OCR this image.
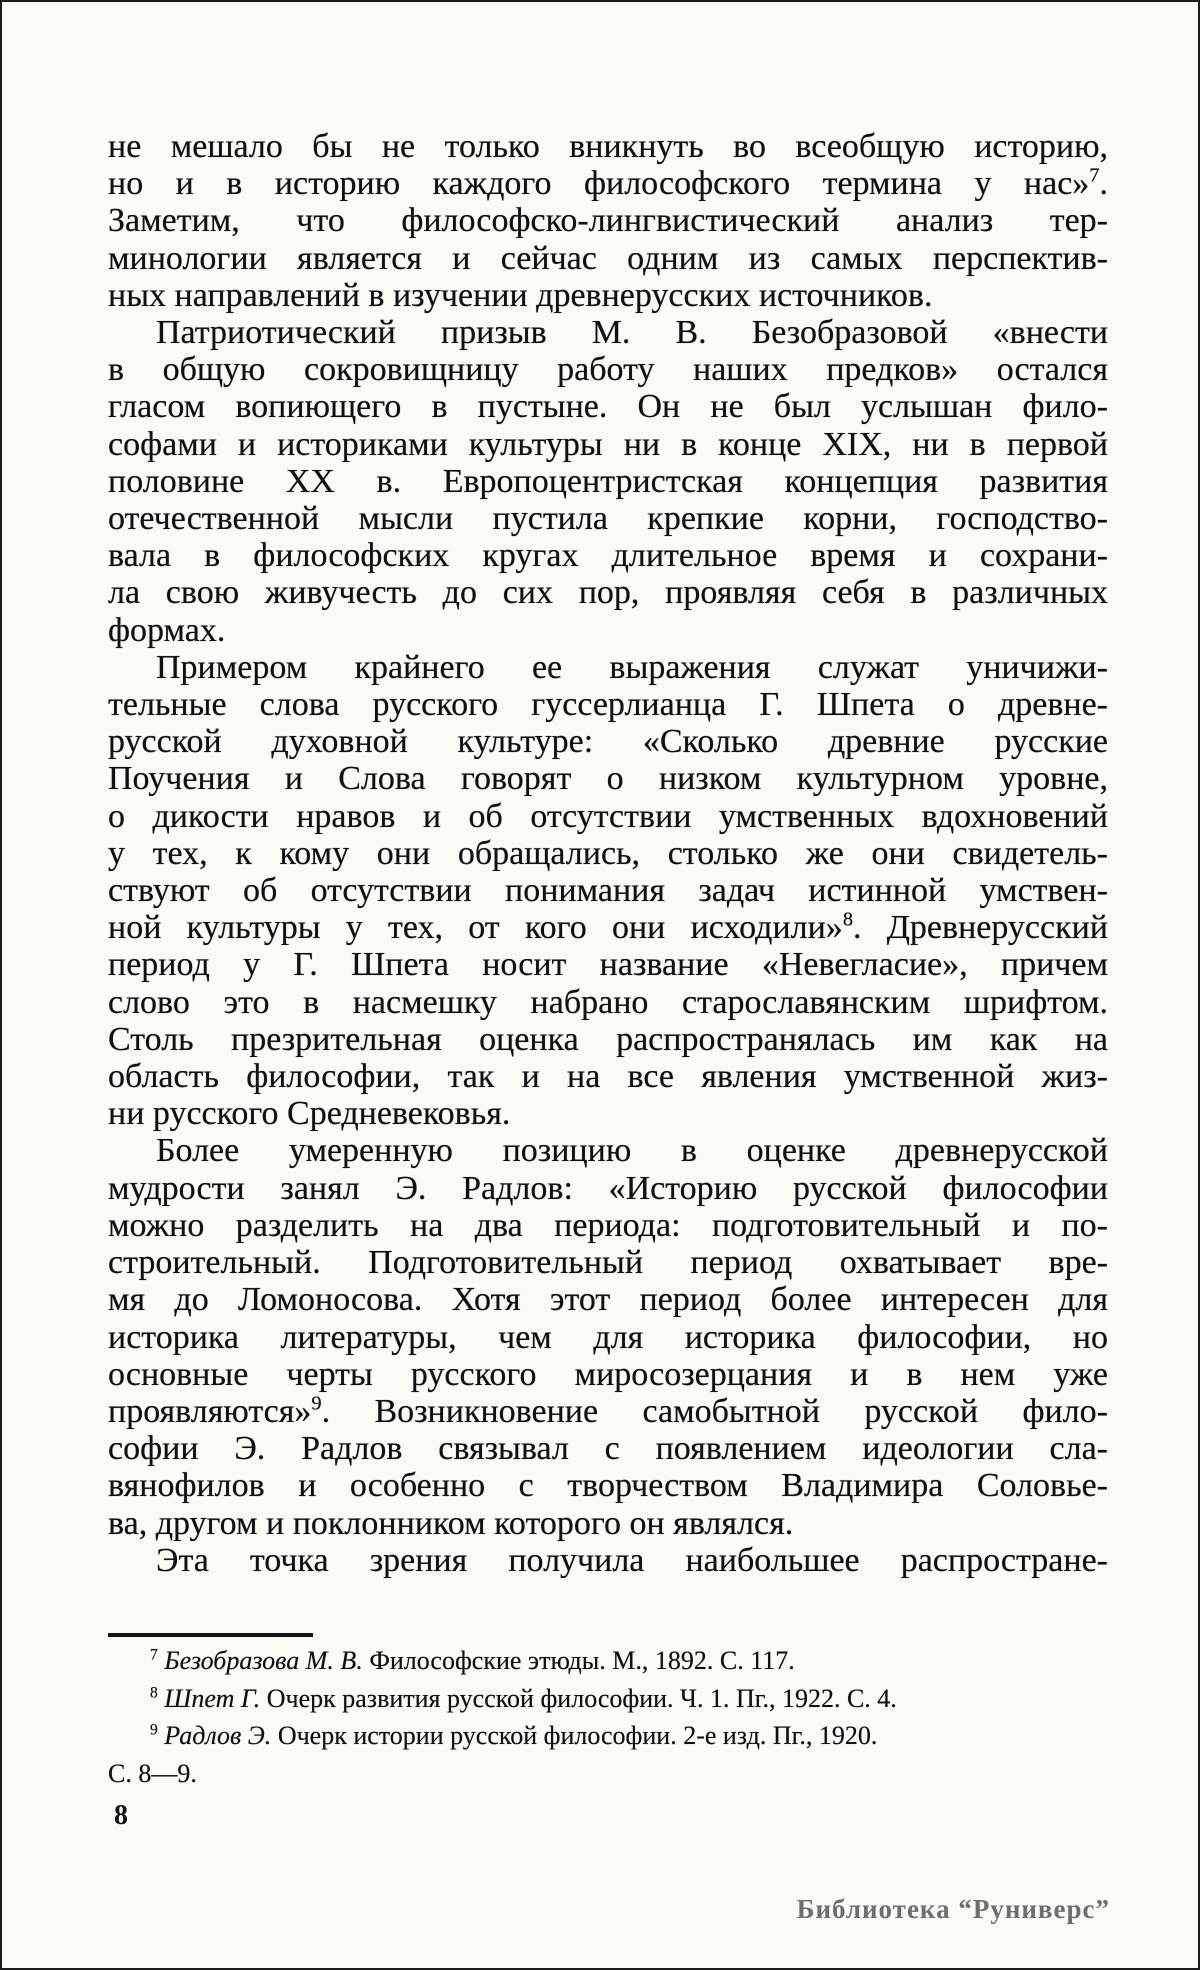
не мешало бы не только вникнуть во всеобщую историю,
но и в историю каждого философского термина у нас»$^7$.
Заметим, что философско-лингвистический анализ тер-
минологии является и сейчас одним из самых перспектив-
ных направлений в изучении древнерусских источников.
Патриотический призыв М. В. Безобразовой «внести
в общую сокровищницу работу наших предков» остался
гласом вопиющего в пустыне. Он не был услышан фило-
софами и историками культуры ни в конце XIX, ни в первой
половине XX в. Европоцентристская концепция развития
отечественной мысли пустила крепкие корни, господство-
вала в философских кругах длительное время и сохрани-
ла свою живучесть до сих пор, проявляя себя в различных
формах.
Примером крайнего ее выражения служат уничижи-
тельные слова русского гуссерлианца Г. Шпета о древне-
русской духовной культуре: «Сколько древние русские
Поучения и Слова говорят о низком культурном уровне,
о дикости нравов и об отсутствии умственных вдохновений
у тех, к кому они обращались, столько же они свидетель-
ствуют об отсутствии понимания задач истинной умствен-
ной культуры у тех, от кого они исходили»$^8$. Древнерусский
период у Г. Шпета носит название «Невегласие», причем
слово это в насмешку набрано старославянским шрифтом.
Столь презрительная оценка распространялась им как на
область философии, так и на все явления умственной жиз-
ни русского Средневековья.
Более умеренную позицию в оценке древнерусской
мудрости занял Э. Радлов: «Историю русской философии
можно разделить на два периода: подготовительный и по-
строительный. Подготовительный период охватывает вре-
мя до Ломоносова. Хотя этот период более интересен для
историка литературы, чем для историка философии, но
основные черты русского миросозерцания и в нем уже
проявляются»$^9$. Возникновение самобытной русской фило-
софии Э. Радлов связывал с появлением идеологии сла-
вянофилов и особенно с творчеством Владимира Соловье-
ва, другом и поклонником которого он являлся.
Эта точка зрения получила наибольшее распростране-
$^7$ Безобразова М. В. Философские этюды. М., 1892. С. 117.
$^8$ Шпет Г. Очерк развития русской философии. Ч. 1. Пг., 1922. С. 4.
$^9$ Радлов Э. Очерк истории русской философии. 2-е изд. Пг., 1920.
С. 8—9.
8
Библиотека “Руниверс”
